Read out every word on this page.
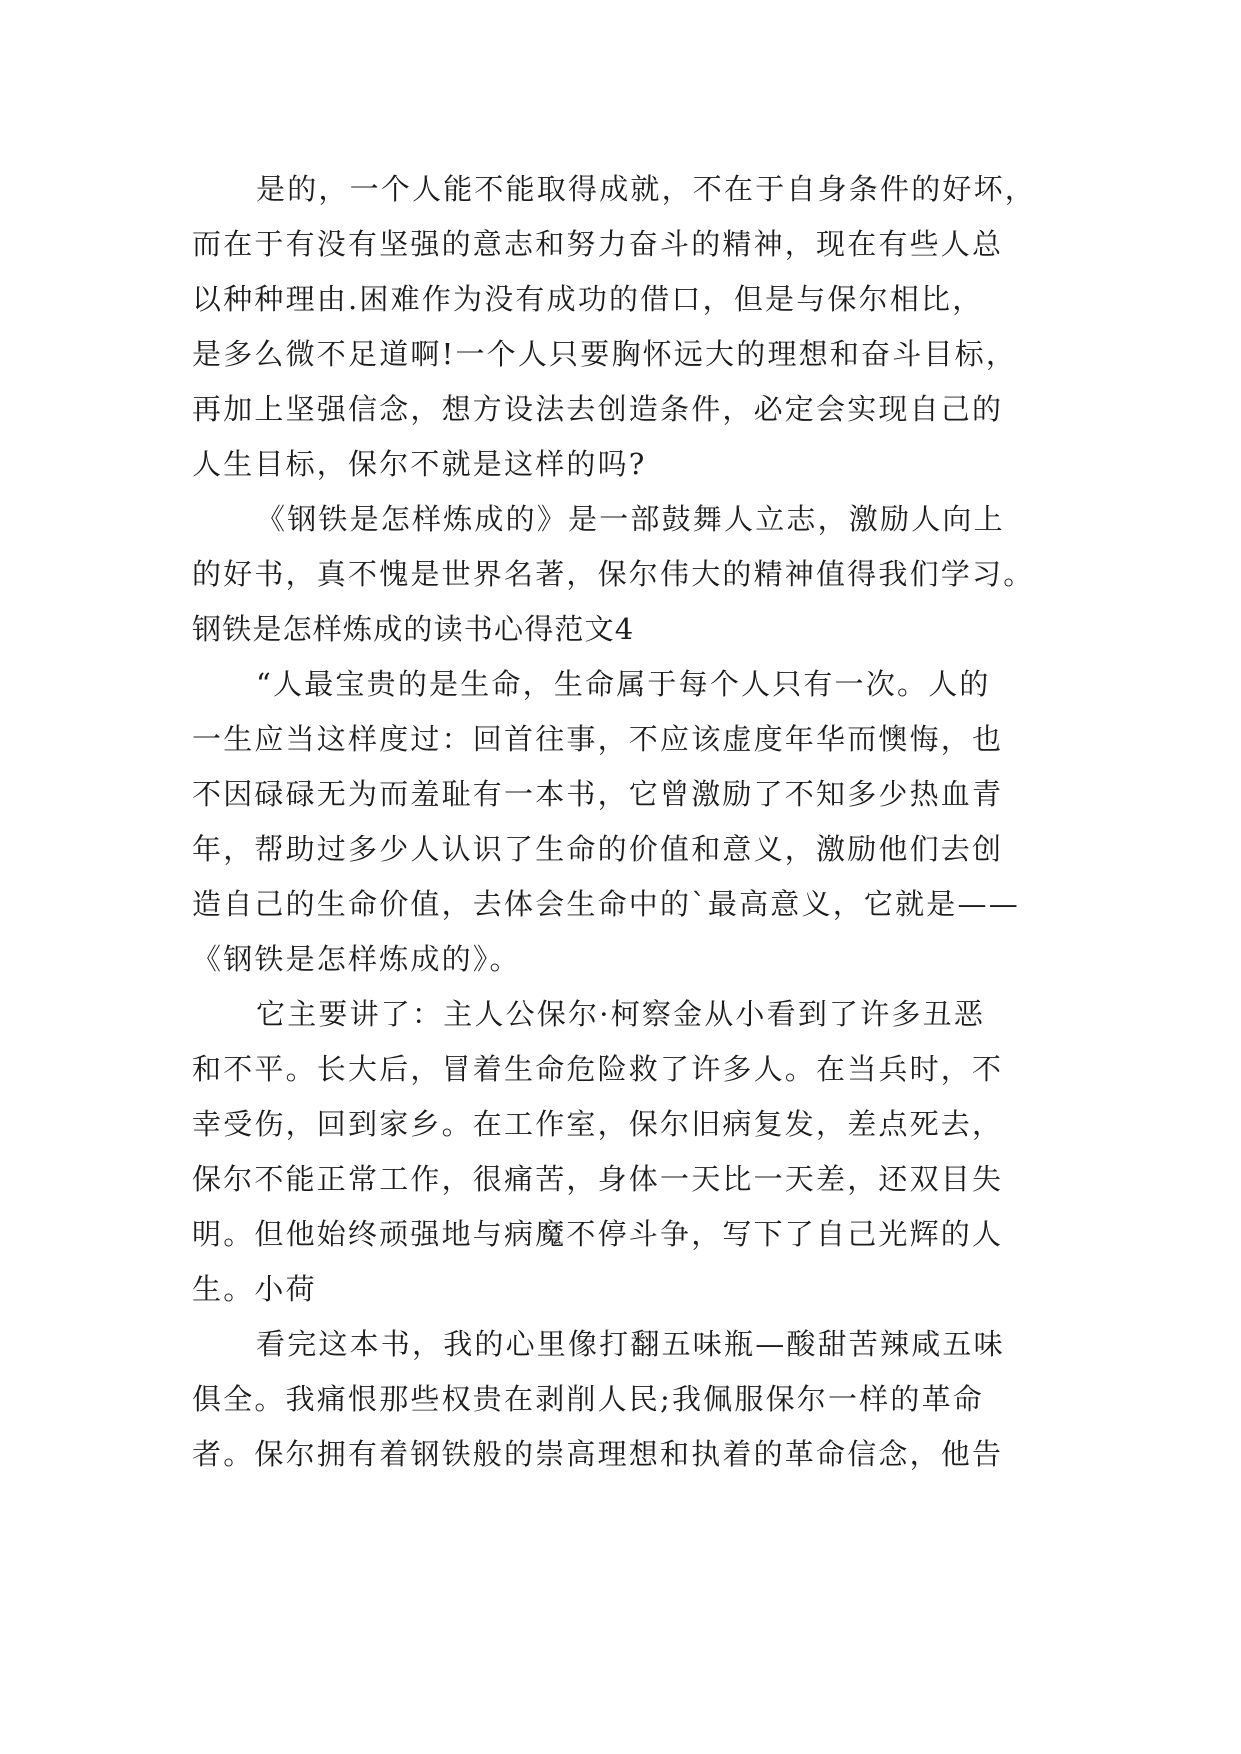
是的，一个人能不能取得成就，不在于自身条件的好坏，
而在于有没有坚强的意志和努力奋斗的精神，现在有些人总
以种种理由.困难作为没有成功的借口，但是与保尔相比，
是多么微不足道啊!一个人只要胸怀远大的理想和奋斗目标，
再加上坚强信念，想方设法去创造条件，必定会实现自己的
人生目标，保尔不就是这样的吗?
《钢铁是怎样炼成的》是一部鼓舞人立志，激励人向上
的好书，真不愧是世界名著，保尔伟大的精神值得我们学习。
钢铁是怎样炼成的读书心得范文4
“人最宝贵的是生命，生命属于每个人只有一次。人的
一生应当这样度过：回首往事，不应该虚度年华而懊悔，也
不因碌碌无为而羞耻有一本书，它曾激励了不知多少热血青
年，帮助过多少人认识了生命的价值和意义，激励他们去创
造自己的生命价值，去体会生命中的`最高意义，它就是——
《钢铁是怎样炼成的》。
它主要讲了：主人公保尔·柯察金从小看到了许多丑恶
和不平。长大后，冒着生命危险救了许多人。在当兵时，不
幸受伤，回到家乡。在工作室，保尔旧病复发，差点死去，
保尔不能正常工作，很痛苦，身体一天比一天差，还双目失
明。但他始终顽强地与病魔不停斗争，写下了自己光辉的人
生。小荷
看完这本书，我的心里像打翻五味瓶—酸甜苦辣咸五味
俱全。我痛恨那些权贵在剥削人民;我佩服保尔一样的革命
者。保尔拥有着钢铁般的崇高理想和执着的革命信念，他告
